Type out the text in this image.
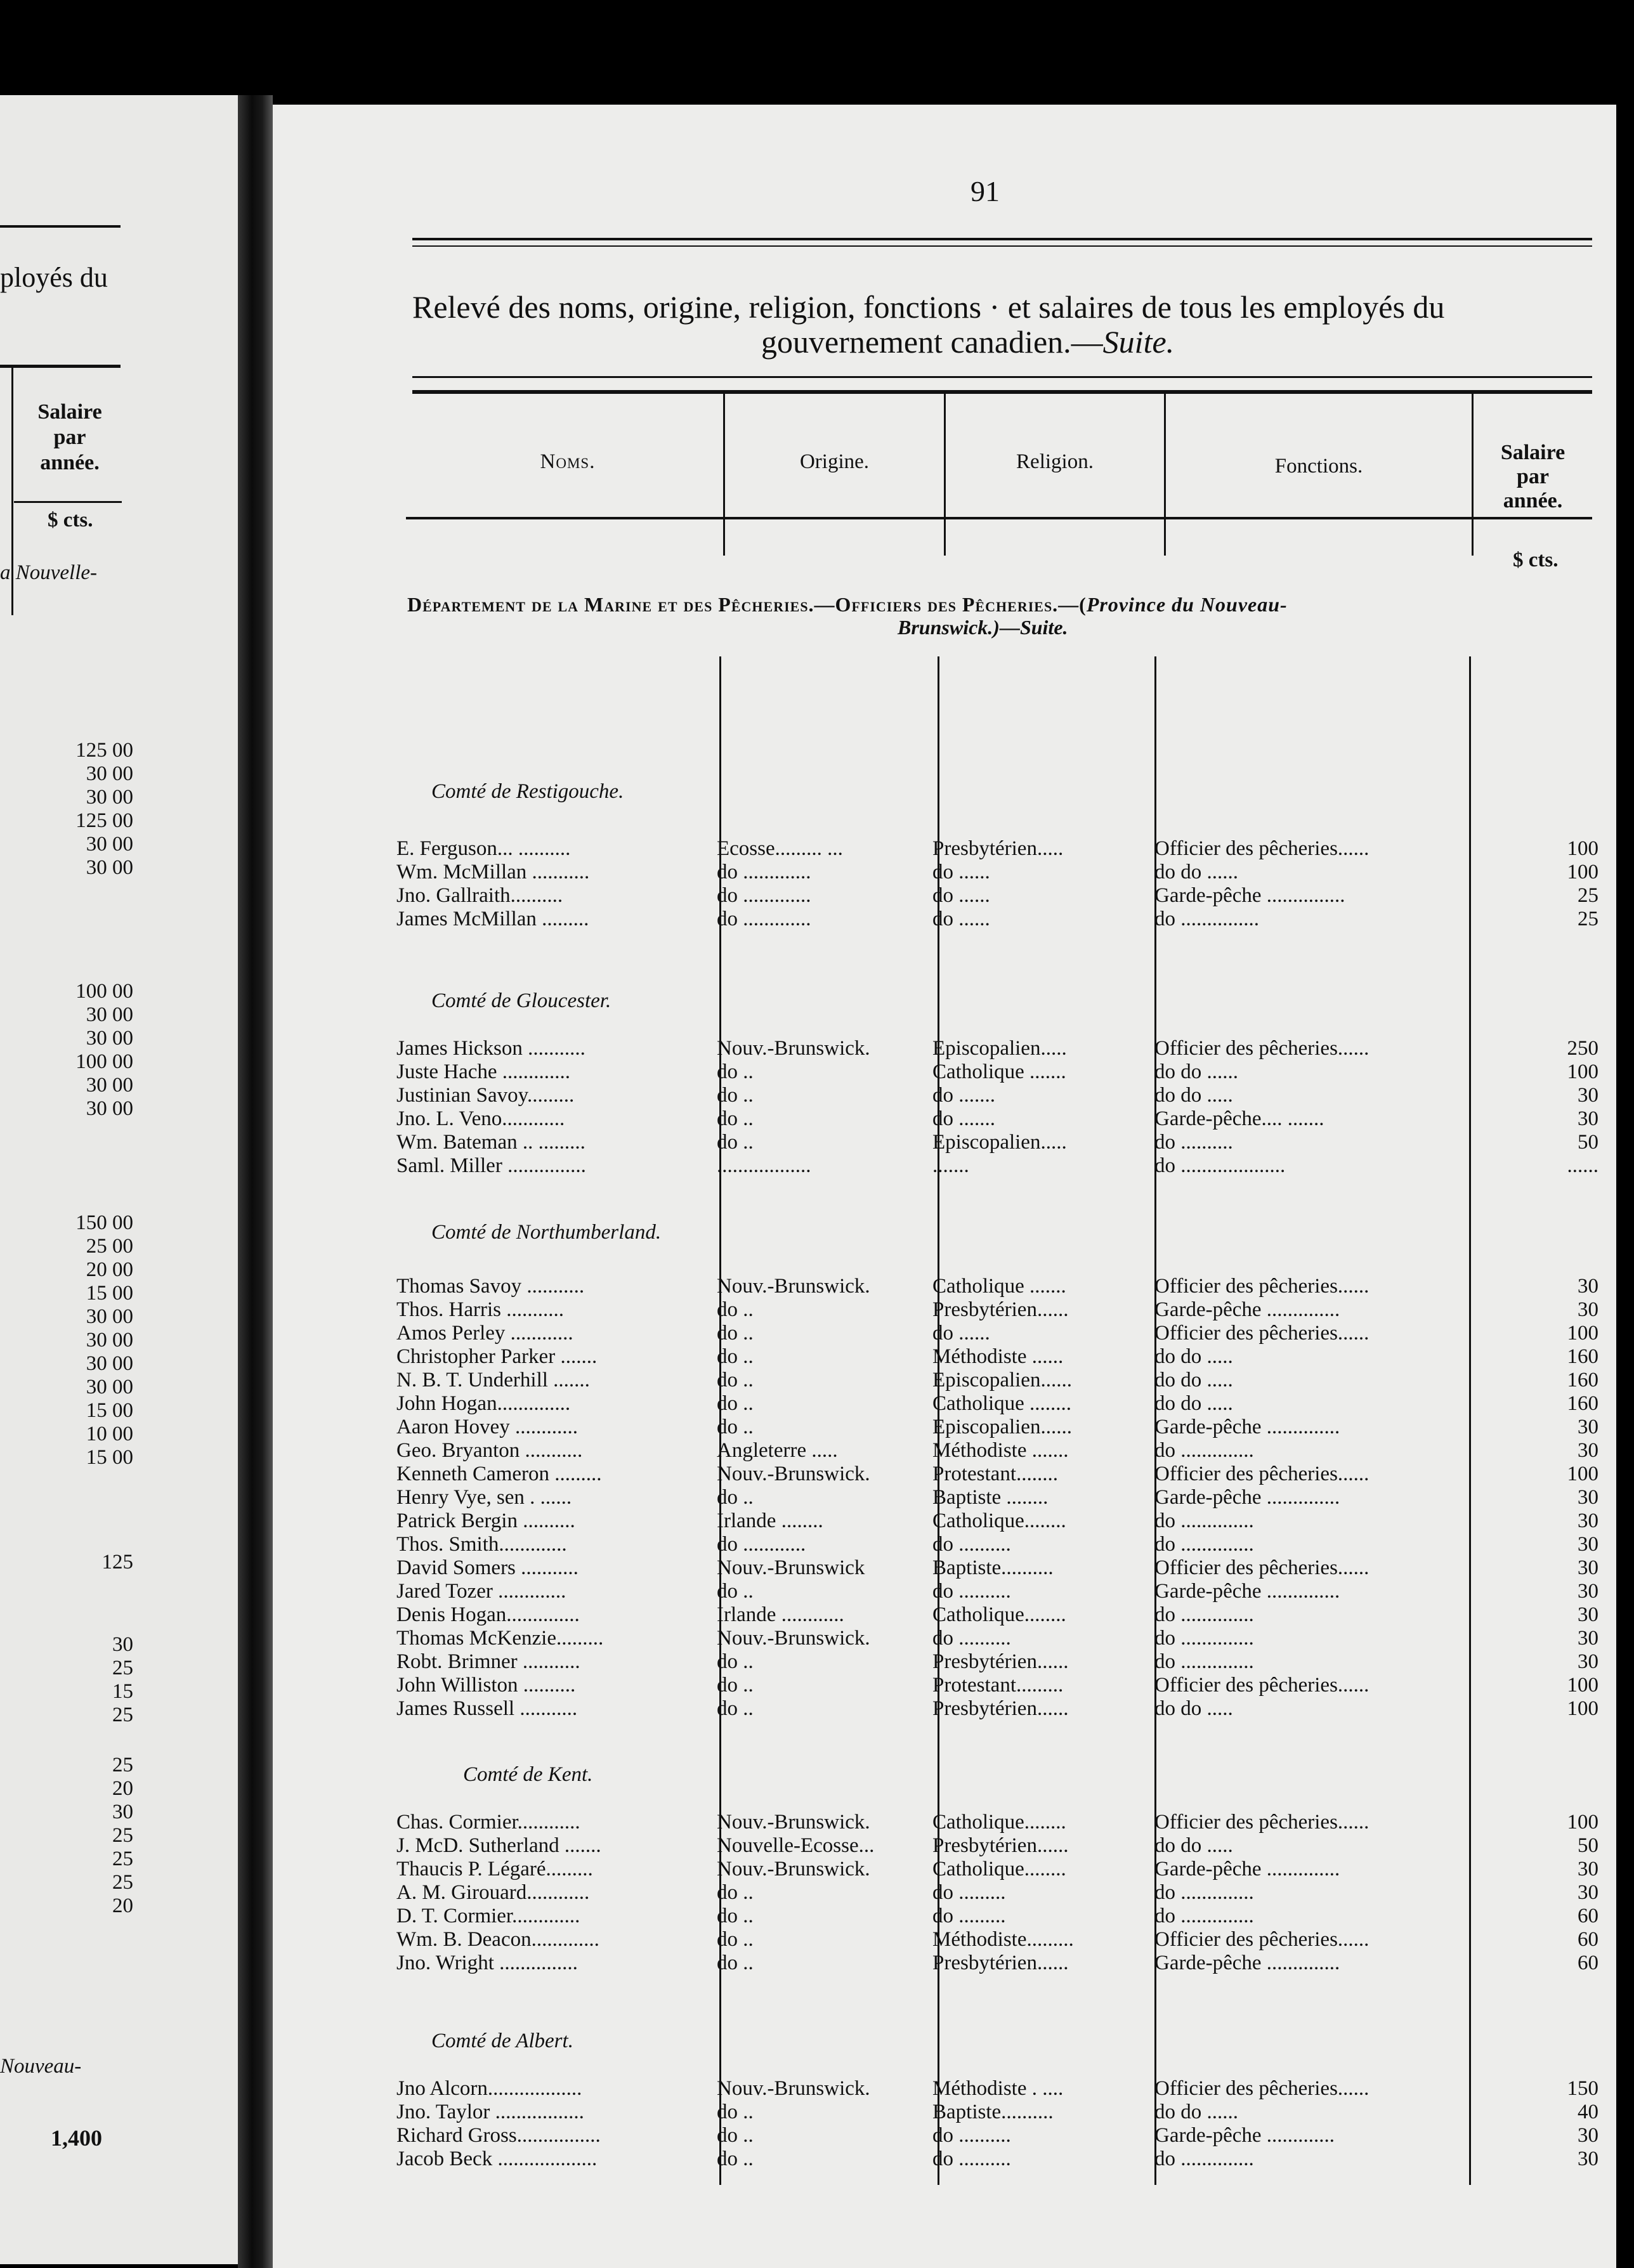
ployés du
Salaire
par
année.
$ cts.
a Nouvelle-
125 00
30 00
30 00
125 00
30 00
30 00
100 00
30 00
30 00
100 00
30 00
30 00
150 00
25 00
20 00
15 00
30 00
30 00
30 00
30 00
15 00
10 00
15 00
125
30
25
15
25
25
20
30
25
25
25
20
Nouveau-
1,400
91
Relevé des noms, origine, religion, fonctions · et salaires de tous les employés du
gouvernement canadien.—Suite.
Noms.	Origine.	Religion.	Fonctions.
Salaire
par
année.
$ cts.
Département de la Marine et des Pêcheries.—Officiers des Pêcheries.—(Province du Nouveau-
Brunswick.)—Suite.
Comté de Restigouche.
E. Ferguson... ..........	Ecosse......... ...	Presbytérien.....	Officier des pêcheries......	100
Wm. McMillan ...........	do .............	do ......	do do ......	100
Jno. Gallraith..........	do .............	do ......	Garde-pêche ...............	25
James McMillan .........	do .............	do ......	do ...............	25
Comté de Gloucester.
James Hickson ...........	Nouv.-Brunswick.	Episcopalien.....	Officier des pêcheries......	250
Juste Hache .............	do ..	Catholique .......	do do ......	100
Justinian Savoy.........	do ..	do .......	do do .....	30
Jno. L. Veno............	do ..	do .......	Garde-pêche.... .......	30
Wm. Bateman .. .........	do ..	Episcopalien.....	do ..........	50
Saml. Miller ...............	..................	.......	do ....................	......
Comté de Northumberland.
Thomas Savoy ...........	Nouv.-Brunswick.	Catholique .......	Officier des pêcheries......	30
Thos. Harris ...........	do ..	Presbytérien......	Garde-pêche ..............	30
Amos Perley ............	do ..	do ......	Officier des pêcheries......	100
Christopher Parker .......	do ..	Méthodiste ......	do do .....	160
N. B. T. Underhill .......	do ..	Episcopalien......	do do .....	160
John Hogan..............	do ..	Catholique ........	do do .....	160
Aaron Hovey ............	do ..	Episcopalien......	Garde-pêche ..............	30
Geo. Bryanton ...........	Angleterre .....	Méthodiste .......	do ..............	30
Kenneth Cameron .........	Nouv.-Brunswick.	Protestant........	Officier des pêcheries......	100
Henry Vye, sen . ......	do ..	Baptiste ........	Garde-pêche ..............	30
Patrick Bergin ..........	Irlande ........	Catholique........	do ..............	30
Thos. Smith.............	do ............	do ..........	do ..............	30
David Somers ...........	Nouv.-Brunswick	Baptiste..........	Officier des pêcheries......	30
Jared Tozer .............	do ..	do ..........	Garde-pêche ..............	30
Denis Hogan..............	Irlande ............	Catholique........	do ..............	30
Thomas McKenzie.........	Nouv.-Brunswick.	do ..........	do ..............	30
Robt. Brimner ...........	do ..	Presbytérien......	do ..............	30
John Williston ..........	do ..	Protestant.........	Officier des pêcheries......	100
James Russell ...........	do ..	Presbytérien......	do do .....	100
Comté de Kent.
Chas. Cormier............	Nouv.-Brunswick.	Catholique........	Officier des pêcheries......	100
J. McD. Sutherland .......	Nouvelle-Ecosse...	Presbytérien......	do do .....	50
Thaucis P. Légaré.........	Nouv.-Brunswick.	Catholique........	Garde-pêche ..............	30
A. M. Girouard............	do ..	do .........	do ..............	30
D. T. Cormier.............	do ..	do .........	do ..............	60
Wm. B. Deacon.............	do ..	Méthodiste.........	Officier des pêcheries......	60
Jno. Wright ...............	do ..	Presbytérien......	Garde-pêche ..............	60
Comté de Albert.
Jno Alcorn..................	Nouv.-Brunswick.	Méthodiste . ....	Officier des pêcheries......	150
Jno. Taylor .................	do ..	Baptiste..........	do do ......	40
Richard Gross................	do ..	do ..........	Garde-pêche .............	30
Jacob Beck ...................	do ..	do ..........	do ..............	30
